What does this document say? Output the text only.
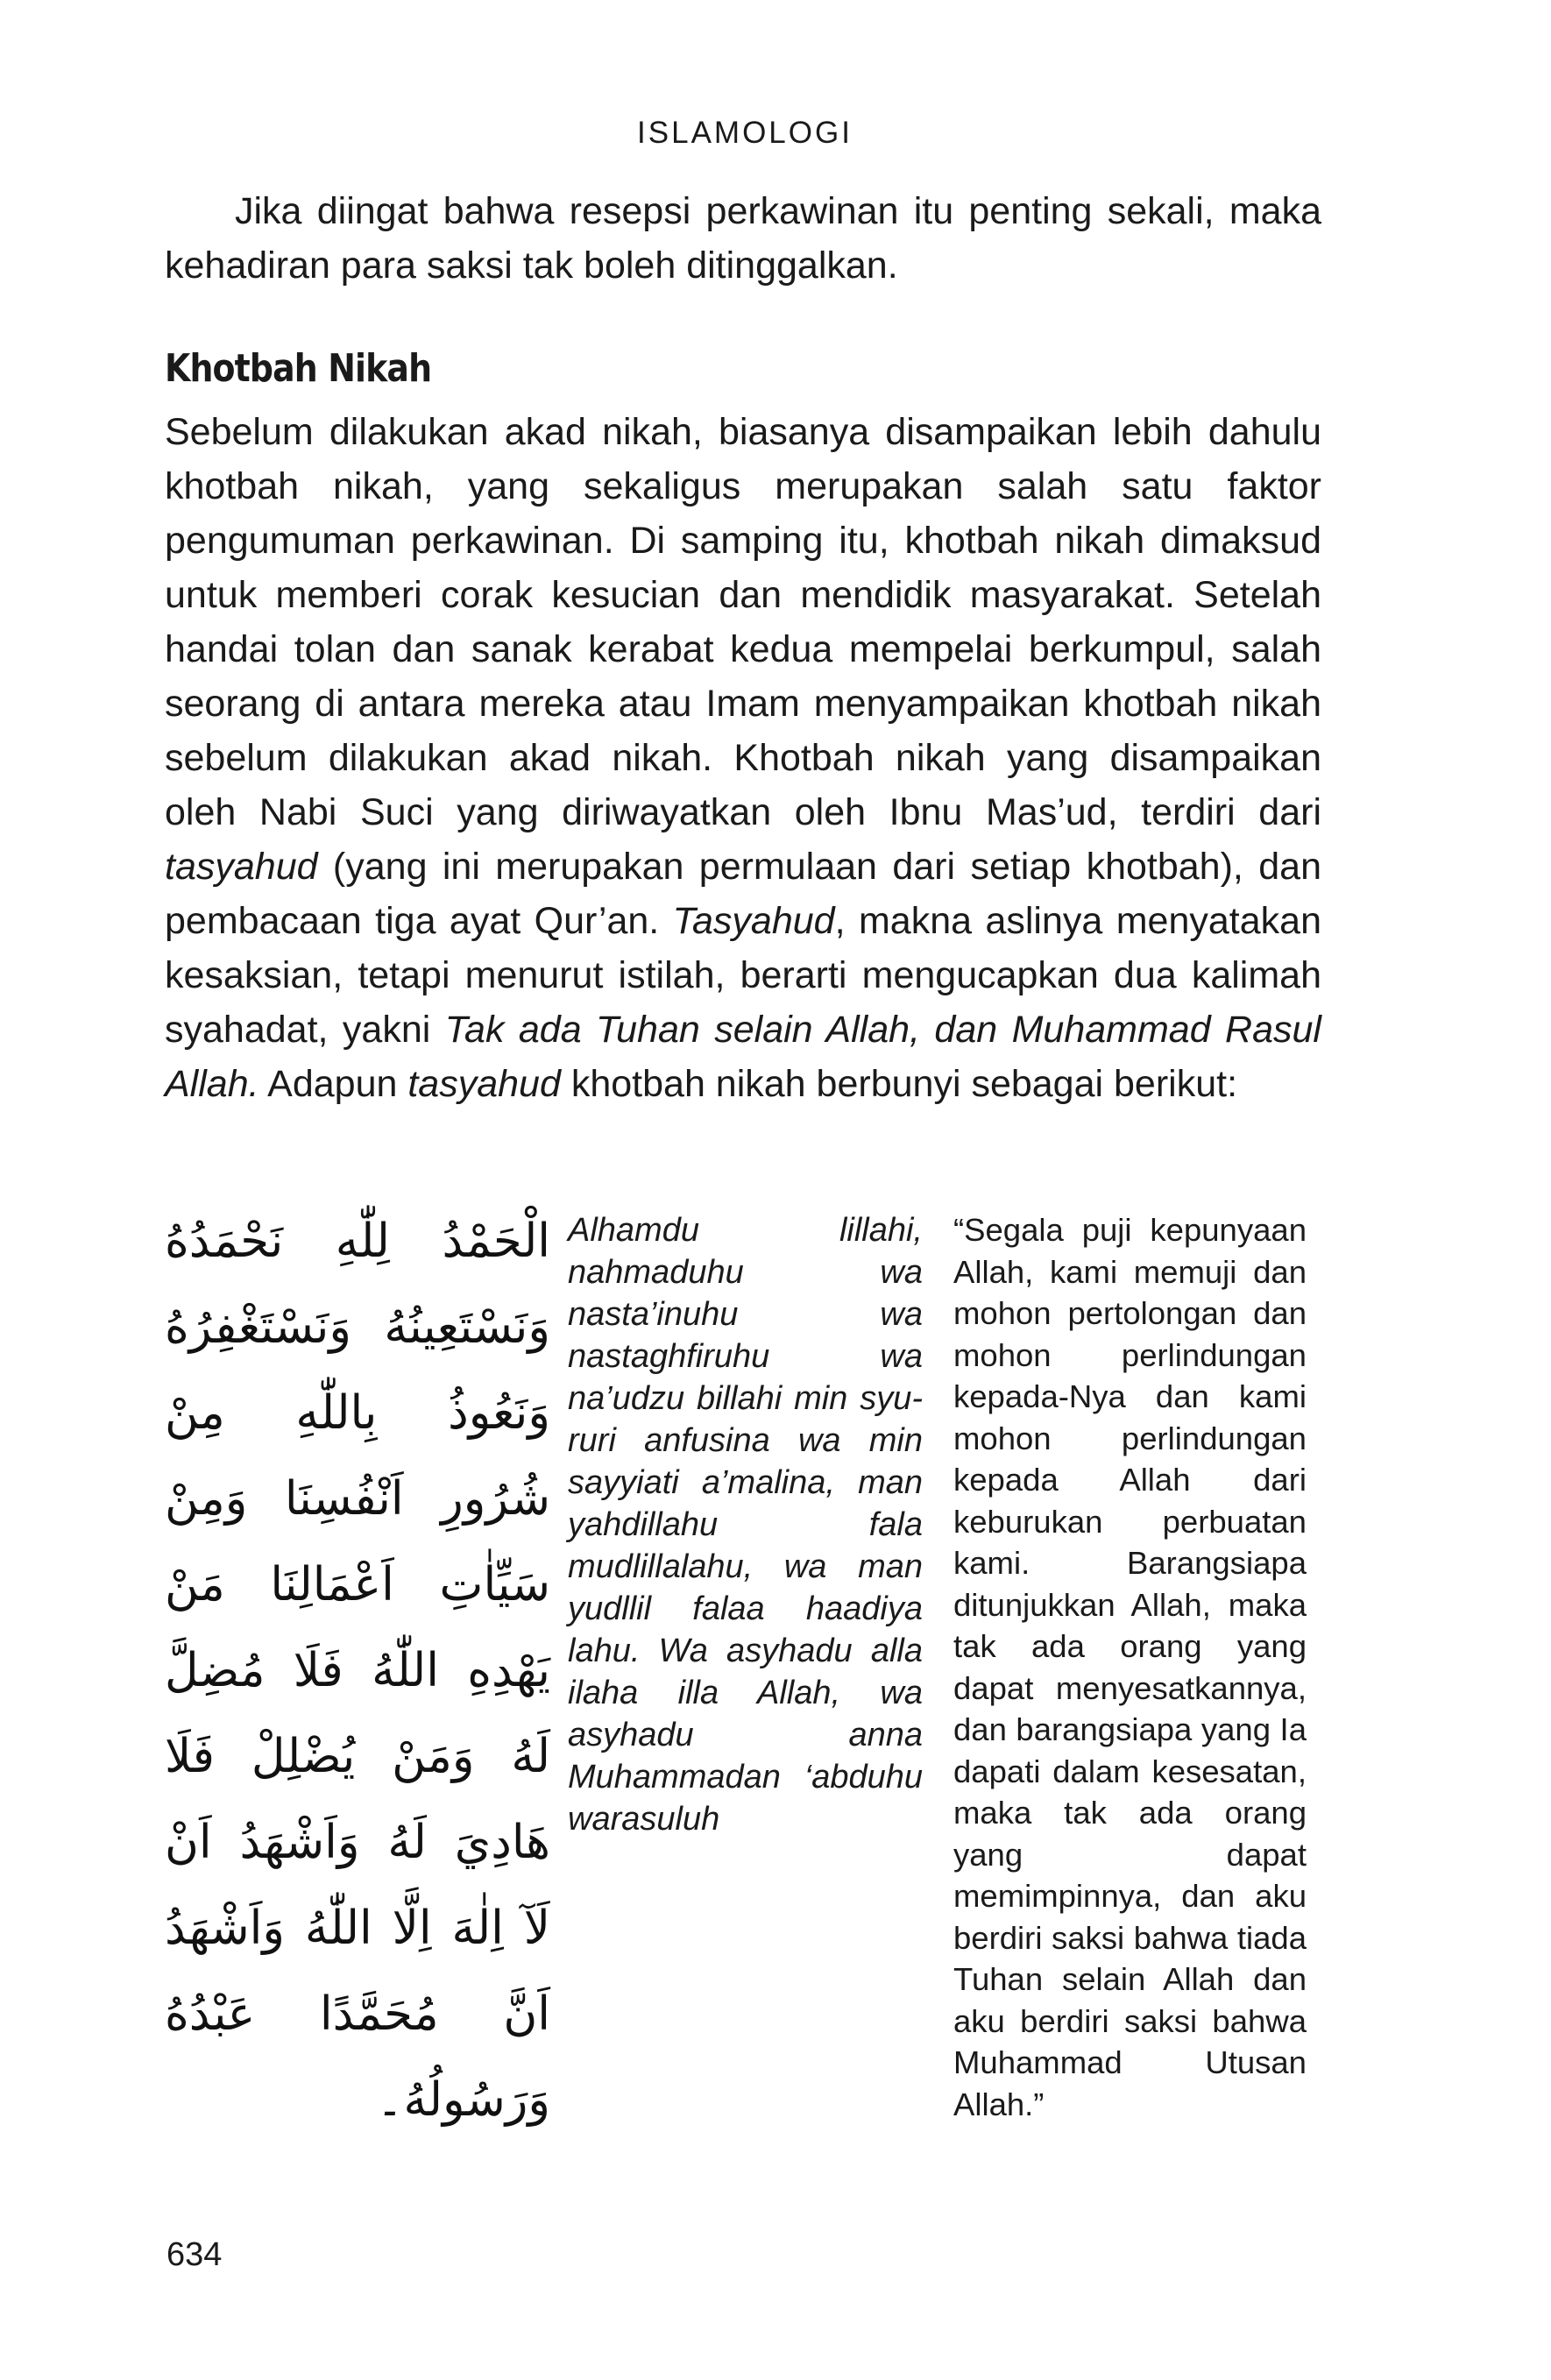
ISLAMOLOGI

Jika diingat bahwa resepsi perkawinan itu penting sekali, maka kehadiran para saksi tak boleh ditinggalkan.

Khotbah Nikah

Sebelum dilakukan akad nikah, biasanya disampaikan lebih dahulu khotbah nikah, yang sekaligus merupakan salah satu faktor pengumuman perkawinan. Di samping itu, khotbah nikah dimaksud untuk memberi corak kesucian dan mendidik masyarakat. Setelah handai tolan dan sanak kerabat kedua mempelai berkumpul, salah seorang di antara mereka atau Imam menyampaikan khotbah nikah sebelum dilakukan akad nikah. Khotbah nikah yang disampaikan oleh Nabi Suci yang diriwayatkan oleh Ibnu Mas’ud, terdiri dari tasyahud (yang ini merupakan permulaan dari setiap khotbah), dan pembacaan tiga ayat Qur’an. Tasyahud, makna aslinya menyatakan kesaksian, tetapi menurut istilah, berarti mengucapkan dua kalimah syahadat, yakni Tak ada Tuhan selain Allah, dan Muhammad Rasul Allah. Adapun tasyahud khotbah nikah berbunyi sebagai berikut:

الْحَمْدُ لِلّٰهِ نَحْمَدُهُ وَنَسْتَعِينُهُ وَنَسْتَغْفِرُهُ وَنَعُوذُ بِاللّٰهِ مِنْ شُرُورِ اَنْفُسِنَا وَمِنْ سَيِّاٰتِ اَعْمَالِنَا مَنْ يَهْدِهِ اللّٰهُ فَلَا مُضِلَّ لَهُ وَمَنْ يُضْلِلْ فَلَا هَادِيَ لَهُ وَاَشْهَدُ اَنْ لَآ اِلٰهَ اِلَّا اللّٰهُ وَاَشْهَدُ اَنَّ مُحَمَّدًا عَبْدُهُ وَرَسُولُهُ۔
Alhamdu lillahi, nahmaduhu wa nasta’inuhu wa nastaghfiruhu wa na’udzu billahi min syu-ruri anfusina wa min sayyiati a’malina, man yahdillahu fala mudlillalahu, wa man yudllil falaa haadiya lahu. Wa asyhadu alla ilaha illa Allah, wa asyhadu anna Muhammadan ‘abduhu warasuluh
“Segala puji kepunyaan Allah, kami memuji dan mohon pertolongan dan mohon perlindungan kepada-Nya dan kami mohon perlindungan kepada Allah dari keburukan perbuatan kami. Barangsiapa ditunjukkan Allah, maka tak ada orang yang dapat menyesatkannya, dan barangsiapa yang Ia dapati dalam kesesatan, maka tak ada orang yang dapat memimpinnya, dan aku berdiri saksi bahwa tiada Tuhan selain Allah dan aku berdiri saksi bahwa Muhammad Utusan Allah.”
634
